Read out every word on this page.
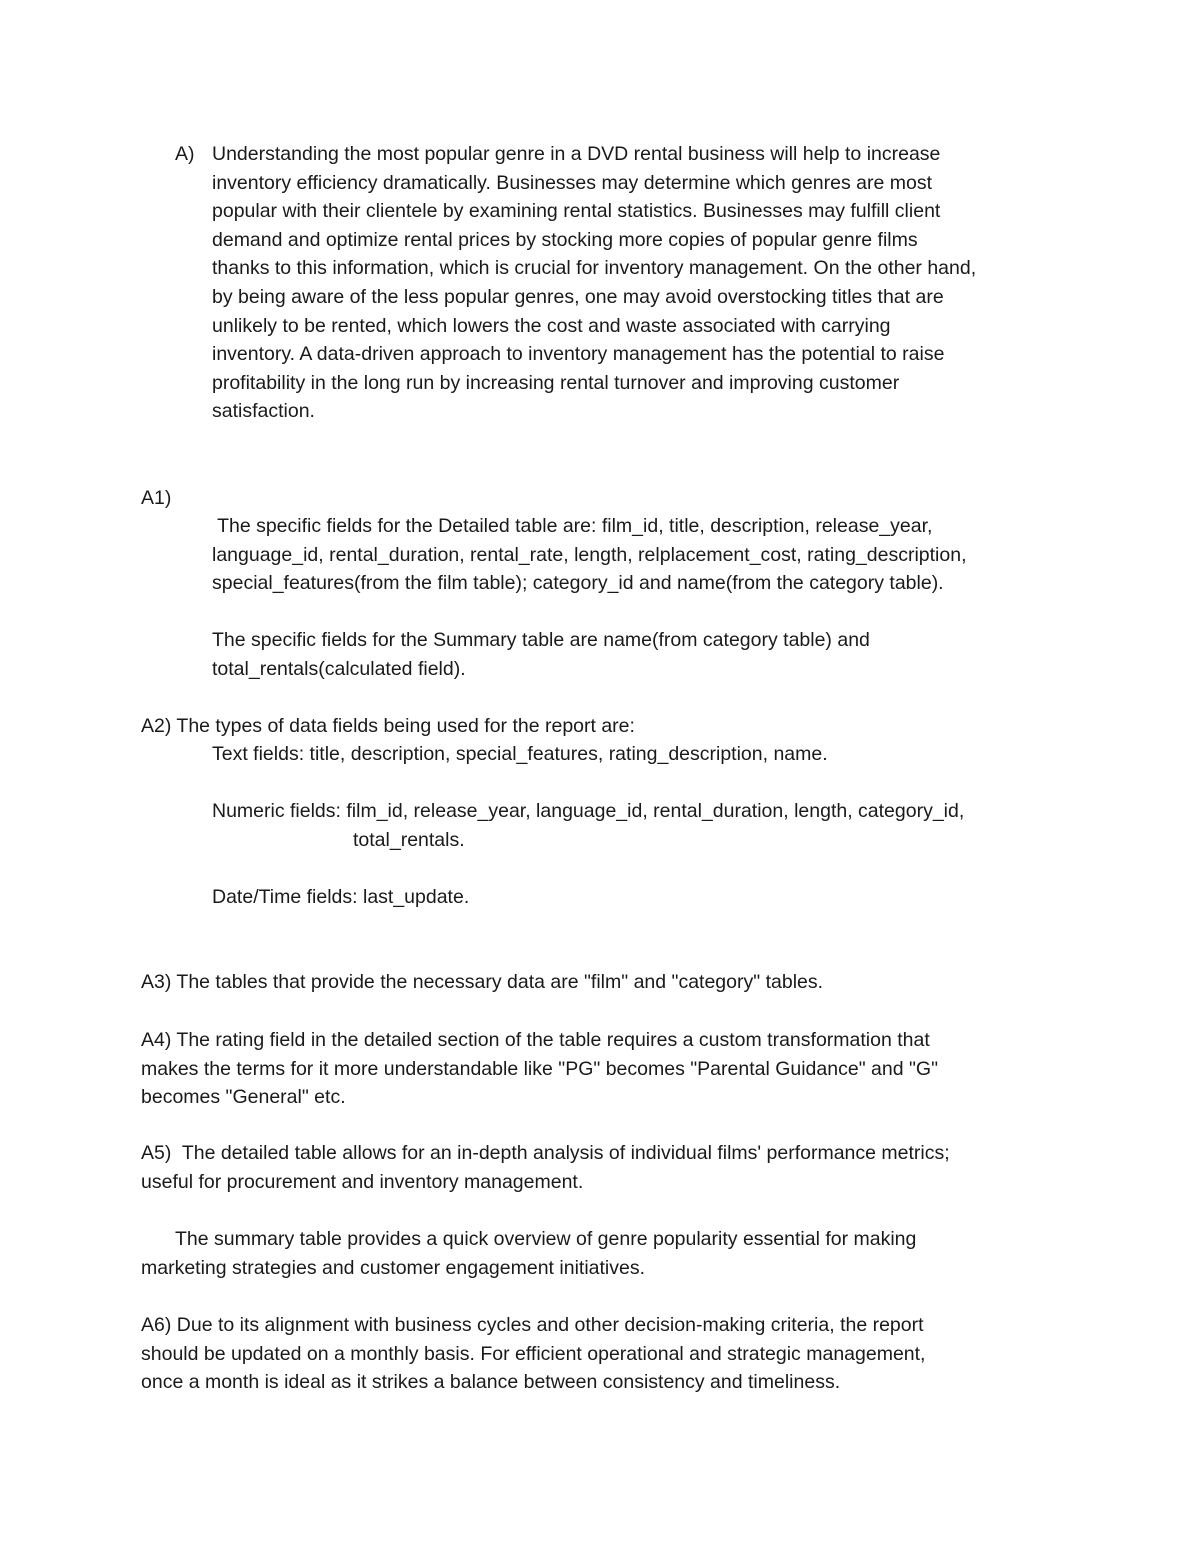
A) Understanding the most popular genre in a DVD rental business will help to increase
inventory efficiency dramatically. Businesses may determine which genres are most
popular with their clientele by examining rental statistics. Businesses may fulfill client
demand and optimize rental prices by stocking more copies of popular genre films
thanks to this information, which is crucial for inventory management. On the other hand,
by being aware of the less popular genres, one may avoid overstocking titles that are
unlikely to be rented, which lowers the cost and waste associated with carrying
inventory. A data-driven approach to inventory management has the potential to raise
profitability in the long run by increasing rental turnover and improving customer
satisfaction.
A1)
The specific fields for the Detailed table are: film_id, title, description, release_year,
language_id, rental_duration, rental_rate, length, relplacement_cost, rating_description,
special_features(from the film table); category_id and name(from the category table).
The specific fields for the Summary table are name(from category table) and
total_rentals(calculated field).
A2) The types of data fields being used for the report are:
Text fields: title, description, special_features, rating_description, name.
Numeric fields: film_id, release_year, language_id, rental_duration, length, category_id,
total_rentals.
Date/Time fields: last_update.
A3) The tables that provide the necessary data are "film" and "category" tables.
A4) The rating field in the detailed section of the table requires a custom transformation that
makes the terms for it more understandable like "PG" becomes "Parental Guidance" and "G"
becomes "General" etc.
A5)  The detailed table allows for an in-depth analysis of individual films' performance metrics;
useful for procurement and inventory management.
The summary table provides a quick overview of genre popularity essential for making
marketing strategies and customer engagement initiatives.
A6) Due to its alignment with business cycles and other decision-making criteria, the report
should be updated on a monthly basis. For efficient operational and strategic management,
once a month is ideal as it strikes a balance between consistency and timeliness.
